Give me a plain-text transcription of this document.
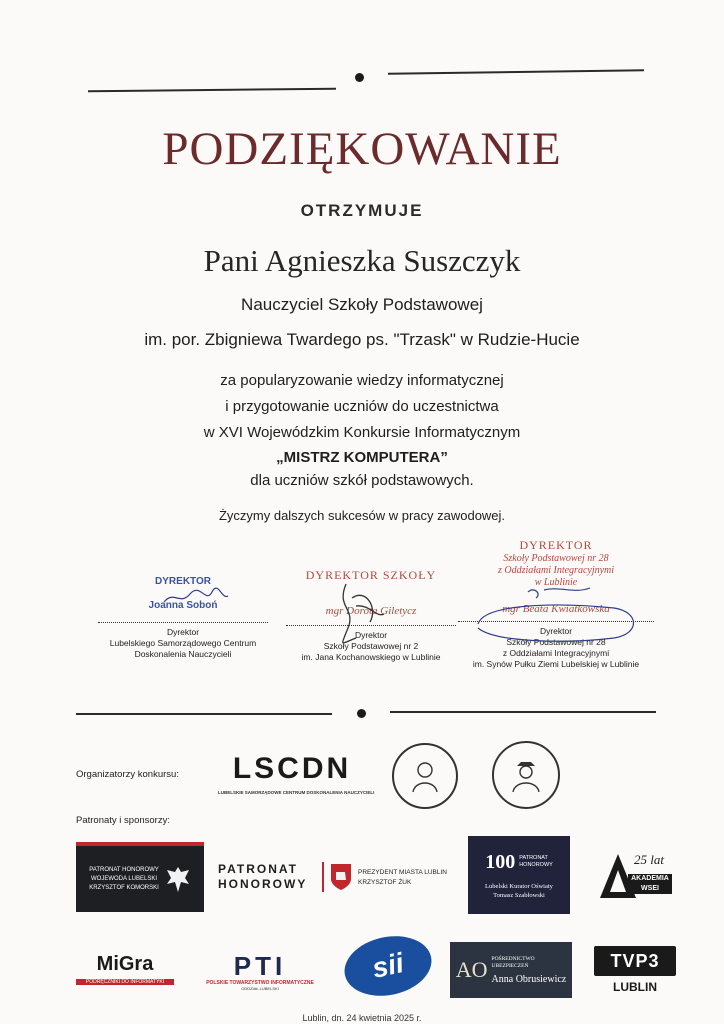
PODZIĘKOWANIE
OTRZYMUJE
Pani Agnieszka Suszczyk
Nauczyciel Szkoły Podstawowej
im. por. Zbigniewa Twardego ps. "Trzask" w Rudzie-Hucie
za popularyzowanie wiedzy informatycznej
i przygotowanie uczniów do uczestnictwa
w XVI Wojewódzkim Konkursie Informatycznym
„MISTRZ KOMPUTERA”
dla uczniów szkół podstawowych.
Życzymy dalszych sukcesów w pracy zawodowej.
DYREKTOR
Joanna Soboń
Dyrektor
Lubelskiego Samorządowego Centrum
Doskonalenia Nauczycieli
DYREKTOR SZKOŁY
mgr Dorota Giletycz
Dyrektor
Szkoły Podstawowej nr 2
im. Jana Kochanowskiego w Lublinie
DYREKTOR
Szkoły Podstawowej nr 28
z Oddziałami Integracyjnymi
w Lublinie
mgr Beata Kwiatkowska
Dyrektor
Szkoły Podstawowej nr 28
z Oddziałami Integracyjnymi
im. Synów Pułku Ziemi Lubelskiej w Lublinie
Organizatorzy konkursu:	LSCDN
LUBELSKIE SAMORZĄDOWE CENTRUM DOSKONALENIA NAUCZYCIELI
Patronaty i sponsorzy:
PATRONAT HONOROWY
WOJEWODA LUBELSKI
KRZYSZTOF KOMORSKI
PATRONAT
HONOROWY
PREZYDENT MIASTA LUBLIN
KRZYSZTOF ŻUK
100 PATRONAT
HONOROWY
Lubelski Kurator Oświaty
Tomasz Szabłowski
25 lat
AKADEMIA
WSEI
MiGra
PODRĘCZNIKI DO INFORMATYKI
PTI
POLSKIE TOWARZYSTWO INFORMATYCZNE
ODDZIAŁ LUBELSKI
sii AO POŚREDNICTWO
UBEZPIECZEŃ
Anna Obrusiewicz
TVP3
LUBLIN
Lublin, dn. 24 kwietnia 2025 r.
